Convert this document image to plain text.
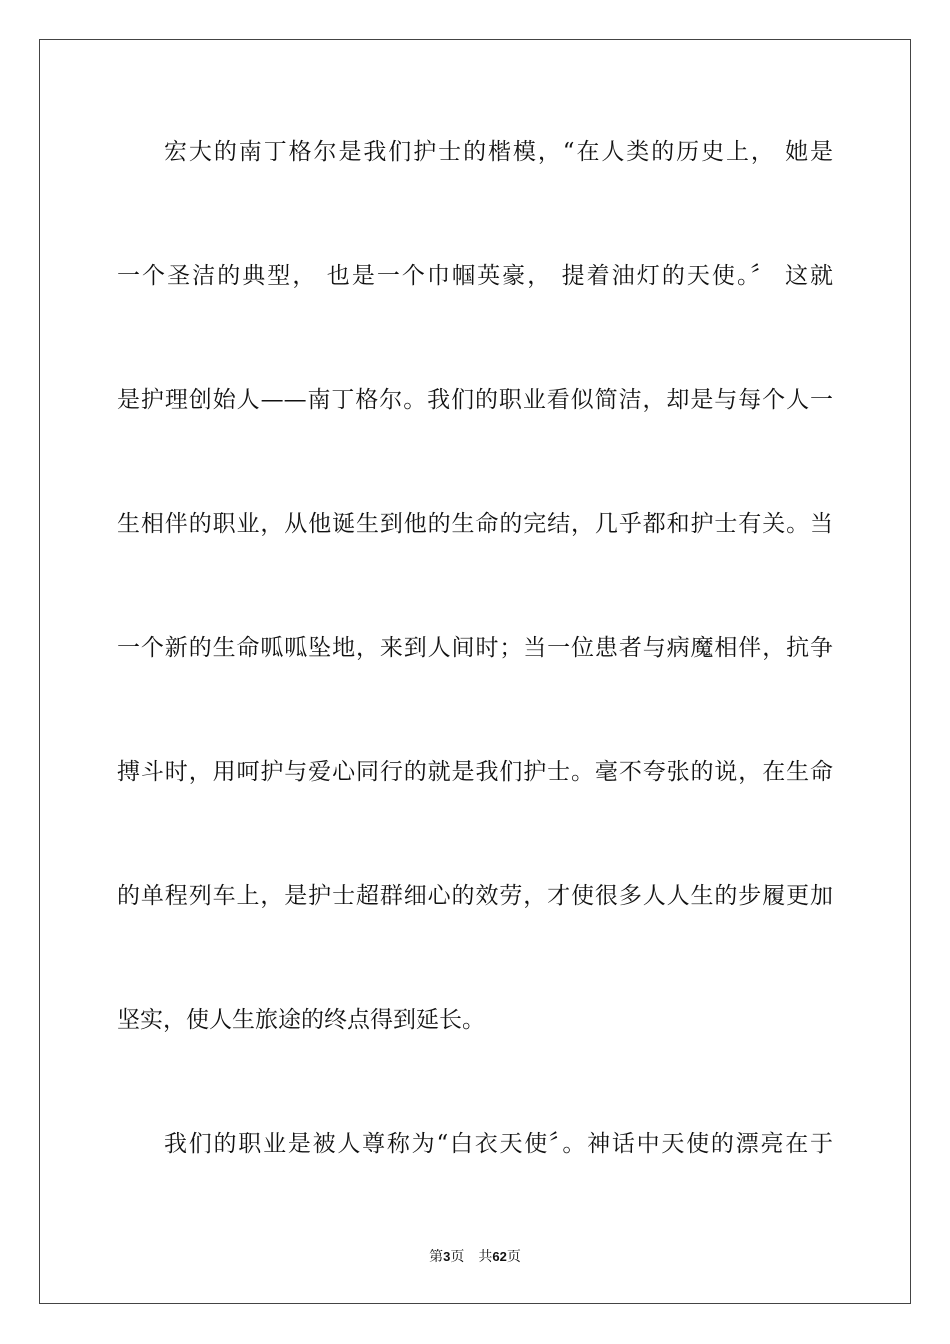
宏大的南丁格尔是我们护士的楷模，“在人类的历史上， 她是
一个圣洁的典型， 也是一个巾帼英豪， 提着油灯的天使。〞 这就
是护理创始人——南丁格尔。我们的职业看似简洁，却是与每个人一
生相伴的职业，从他诞生到他的生命的完结，几乎都和护士有关。当
一个新的生命呱呱坠地，来到人间时；当一位患者与病魔相伴，抗争
搏斗时，用呵护与爱心同行的就是我们护士。毫不夸张的说，在生命
的单程列车上，是护士超群细心的效劳，才使很多人人生的步履更加
坚实，使人生旅途的终点得到延长。
我们的职业是被人尊称为“白衣天使〞。神话中天使的漂亮在于
第3页 共62页
